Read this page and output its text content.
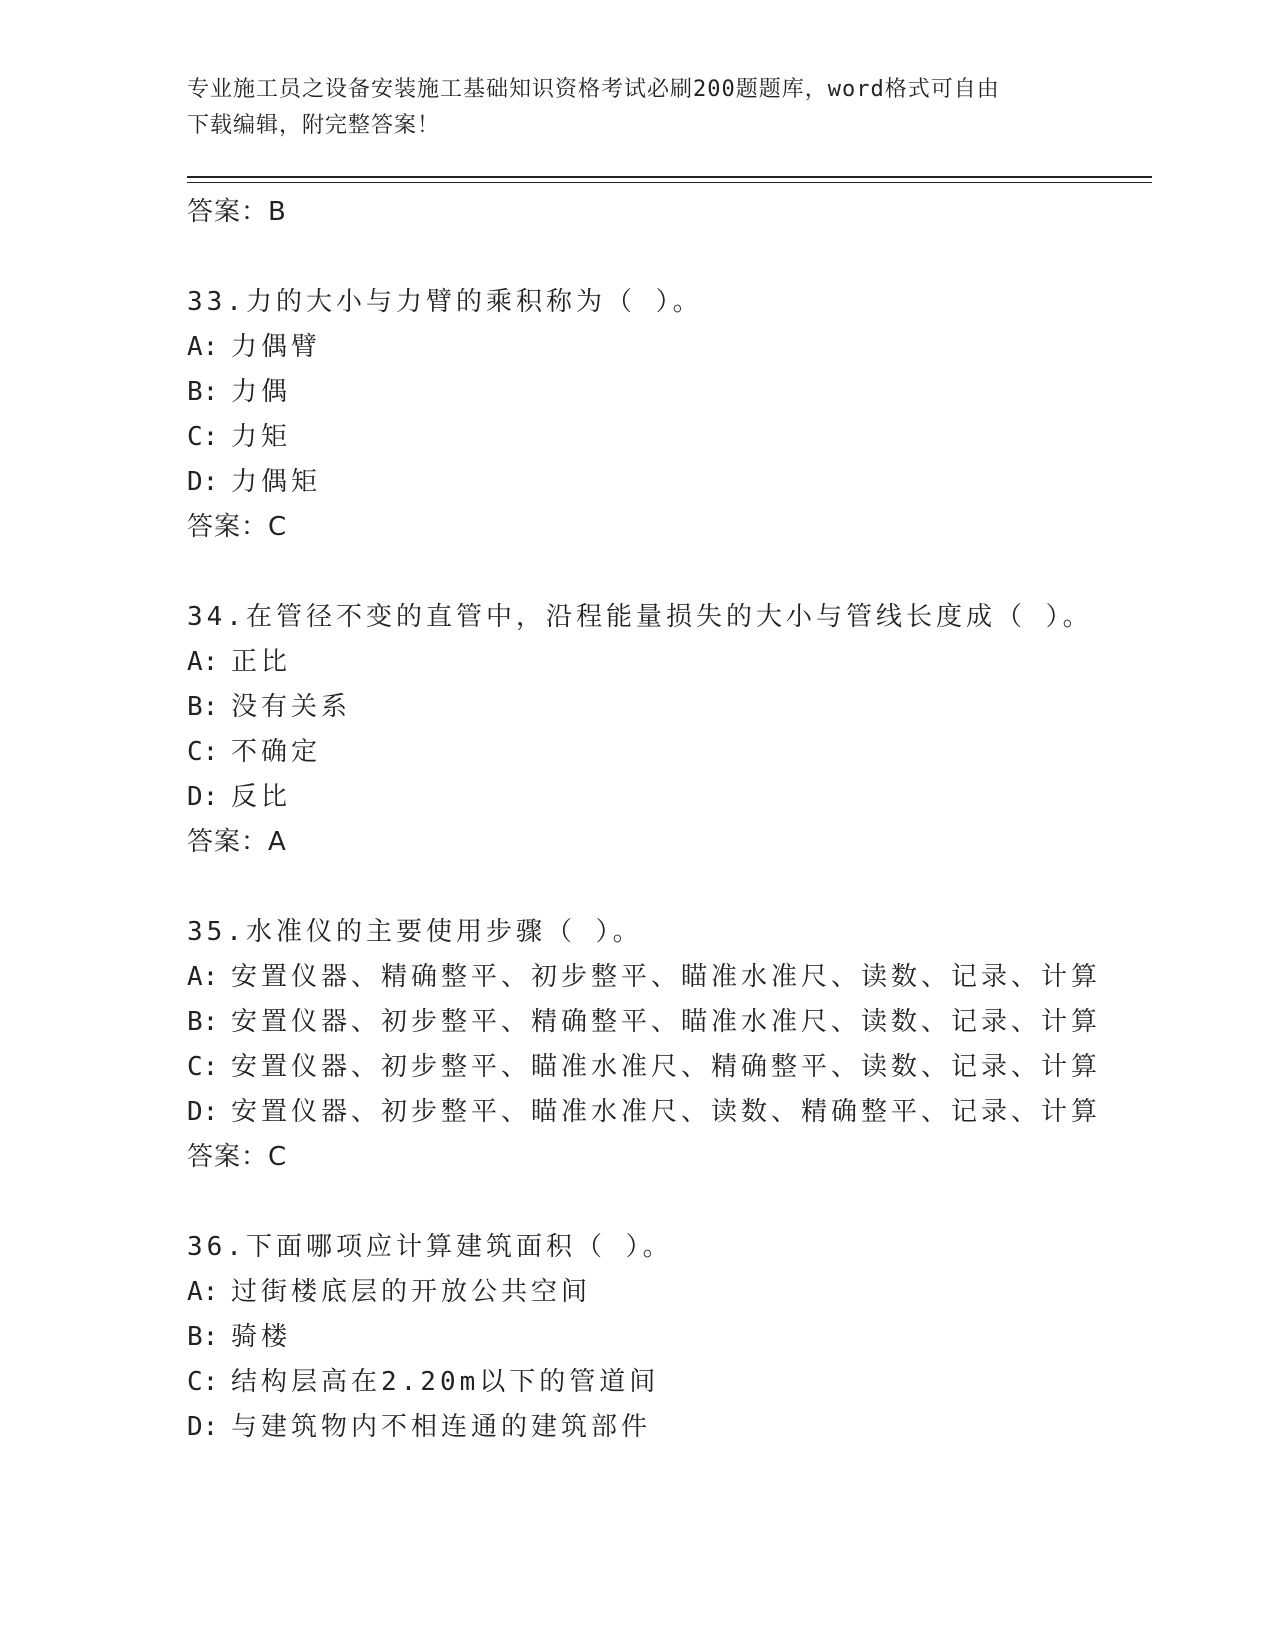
专业施工员之设备安装施工基础知识资格考试必刷200题题库，word格式可自由
下载编辑，附完整答案！
答案：B
33.力的大小与力臂的乘积称为（ ）。
A: 力偶臂
B: 力偶
C: 力矩
D: 力偶矩
答案：C
34.在管径不变的直管中，沿程能量损失的大小与管线长度成（ ）。
A: 正比
B: 没有关系
C: 不确定
D: 反比
答案：A
35.水准仪的主要使用步骤（ ）。
A: 安置仪器、精确整平、初步整平、瞄准水准尺、读数、记录、计算
B: 安置仪器、初步整平、精确整平、瞄准水准尺、读数、记录、计算
C: 安置仪器、初步整平、瞄准水准尺、精确整平、读数、记录、计算
D: 安置仪器、初步整平、瞄准水准尺、读数、精确整平、记录、计算
答案：C
36.下面哪项应计算建筑面积（ ）。
A: 过街楼底层的开放公共空间
B: 骑楼
C: 结构层高在2.20m以下的管道间
D: 与建筑物内不相连通的建筑部件
